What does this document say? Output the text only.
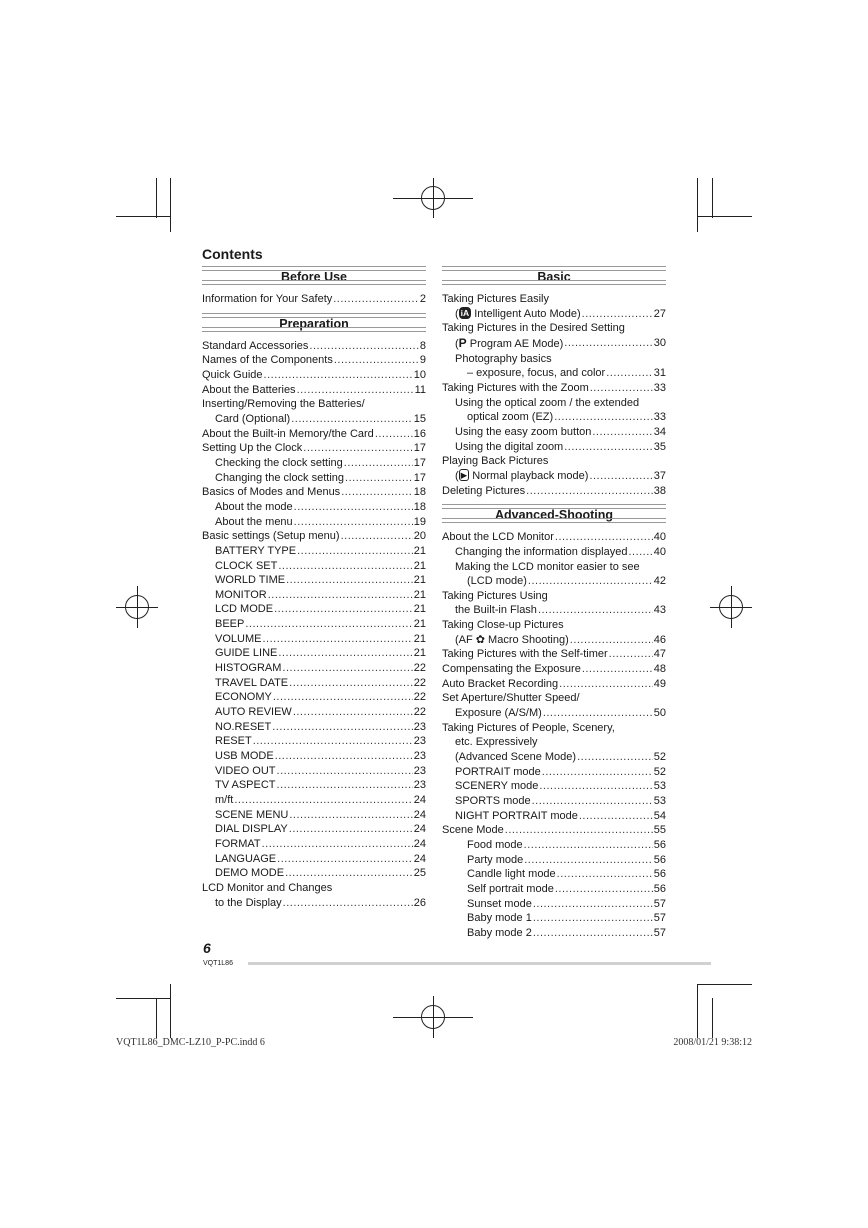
Contents
Before Use
Information for Your Safety .....	2
Preparation
Standard Accessories .....	8
Names of the Components .....	9
Quick Guide .....	10
About the Batteries .....	11
Inserting/Removing the Batteries/
Card (Optional) .....	15
About the Built-in Memory/the Card .....	16
Setting Up the Clock .....	17
Checking the clock setting .....	17
Changing the clock setting .....	17
Basics of Modes and Menus .....	18
About the mode .....	18
About the menu .....	19
Basic settings (Setup menu) .....	20
BATTERY TYPE .....	21
CLOCK SET .....	21
WORLD TIME .....	21
MONITOR .....	21
LCD MODE .....	21
BEEP .....	21
VOLUME .....	21
GUIDE LINE .....	21
HISTOGRAM .....	22
TRAVEL DATE .....	22
ECONOMY .....	22
AUTO REVIEW .....	22
NO.RESET .....	23
RESET .....	23
USB MODE .....	23
VIDEO OUT .....	23
TV ASPECT .....	23
m/ft .....	24
SCENE MENU .....	24
DIAL DISPLAY .....	24
FORMAT .....	24
LANGUAGE .....	24
DEMO MODE .....	25
LCD Monitor and Changes
to the Display .....	26
Basic
Taking Pictures Easily
( iA Intelligent Auto Mode) .....	27
Taking Pictures in the Desired Setting
(P Program AE Mode) .....	30
Photography basics
– exposure, focus, and color .....	31
Taking Pictures with the Zoom .....	33
Using the optical zoom / the extended
optical zoom (EZ) .....	33
Using the easy zoom button .....	34
Using the digital zoom .....	35
Playing Back Pictures
( ▶ Normal playback mode) .....	37
Deleting Pictures .....	38
Advanced-Shooting
About the LCD Monitor .....	40
Changing the information displayed ..... 40
Making the LCD monitor easier to see
(LCD mode) .....	42
Taking Pictures Using
the Built-in Flash .....	43
Taking Close-up Pictures
(AF ✿ Macro Shooting) .....	46
Taking Pictures with the Self-timer .....	47
Compensating the Exposure .....	48
Auto Bracket Recording .....	49
Set Aperture/Shutter Speed/
Exposure (A/S/M) .....	50
Taking Pictures of People, Scenery,
etc. Expressively
(Advanced Scene Mode) .....	52
PORTRAIT mode .....	52
SCENERY mode .....	53
SPORTS mode .....	53
NIGHT PORTRAIT mode .....	54
Scene Mode .....	55
Food mode .....	56
Party mode .....	56
Candle light mode .....	56
Self portrait mode .....	56
Sunset mode .....	57
Baby mode 1 .....	57
Baby mode 2 .....	57
6
VQT1L86
VQT1L86_DMC-LZ10_P-PC.indd 6	2008/01/21 9:38:12
